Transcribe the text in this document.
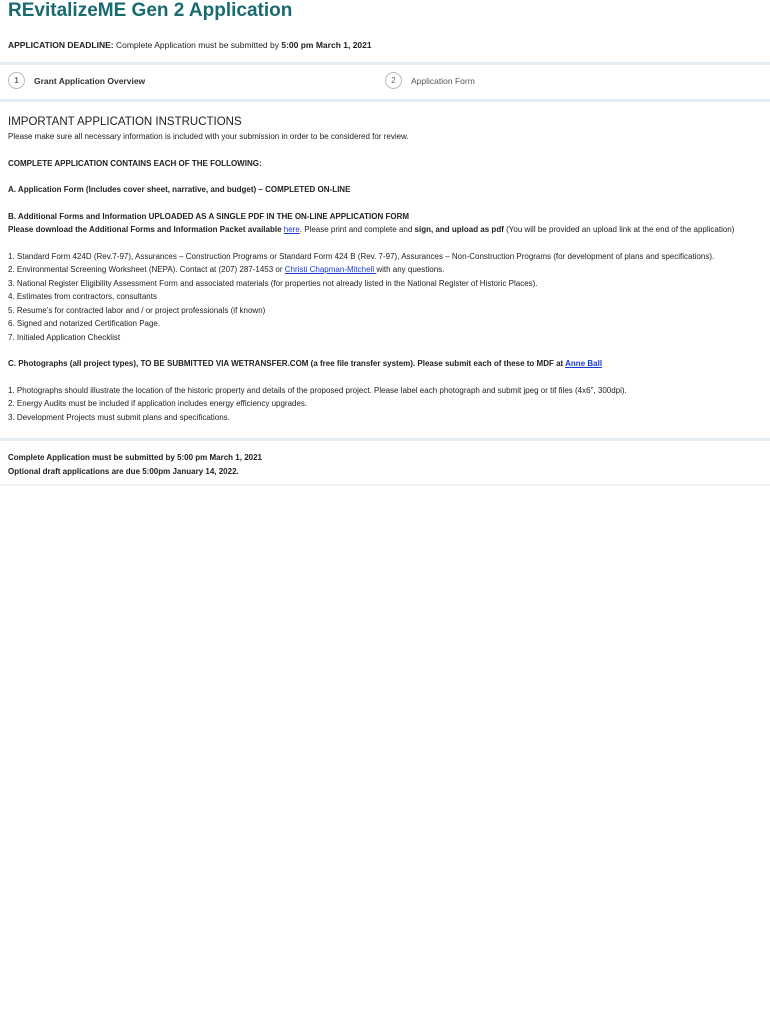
REvitalizeME Gen 2 Application
APPLICATION DEADLINE: Complete Application must be submitted by 5:00 pm March 1, 2021
1	Grant Application Overview	2	Application Form
IMPORTANT APPLICATION INSTRUCTIONS

Please make sure all necessary information is included with your submission in order to be considered for review.

COMPLETE APPLICATION CONTAINS EACH OF THE FOLLOWING:

A. Application Form (Includes cover sheet, narrative, and budget) – COMPLETED ON-LINE

B. Additional Forms and Information UPLOADED AS A SINGLE PDF IN THE ON-LINE APPLICATION FORM

Please download the Additional Forms and Information Packet available here. Please print and complete and sign, and upload as pdf (You will be provided an upload link at the end of the application)

1. Standard Form 424D (Rev.7-97), Assurances – Construction Programs or Standard Form 424 B (Rev. 7-97), Assurances – Non-Construction Programs (for development of plans and specifications).

2. Environmental Screening Worksheet (NEPA). Contact at (207) 287-1453 or Christi Chapman-Mitchell with any questions.

3. National Register Eligibility Assessment Form and associated materials (for properties not already listed in the National Register of Historic Places).

4. Estimates from contractors, consultants

5. Resume’s for contracted labor and / or project professionals (if known)

6. Signed and notarized Certification Page.

7. Initialed Application Checklist

C. Photographs (all project types), TO BE SUBMITTED VIA WETRANSFER.COM (a free file transfer system). Please submit each of these to MDF at Anne Ball

1. Photographs should illustrate the location of the historic property and details of the proposed project. Please label each photograph and submit jpeg or tif files (4x6", 300dpi).

2. Energy Audits must be included if application includes energy efficiency upgrades.

3. Development Projects must submit plans and specifications.

Complete Application must be submitted by 5:00 pm March 1, 2021
Optional draft applications are due 5:00pm January 14, 2022.
